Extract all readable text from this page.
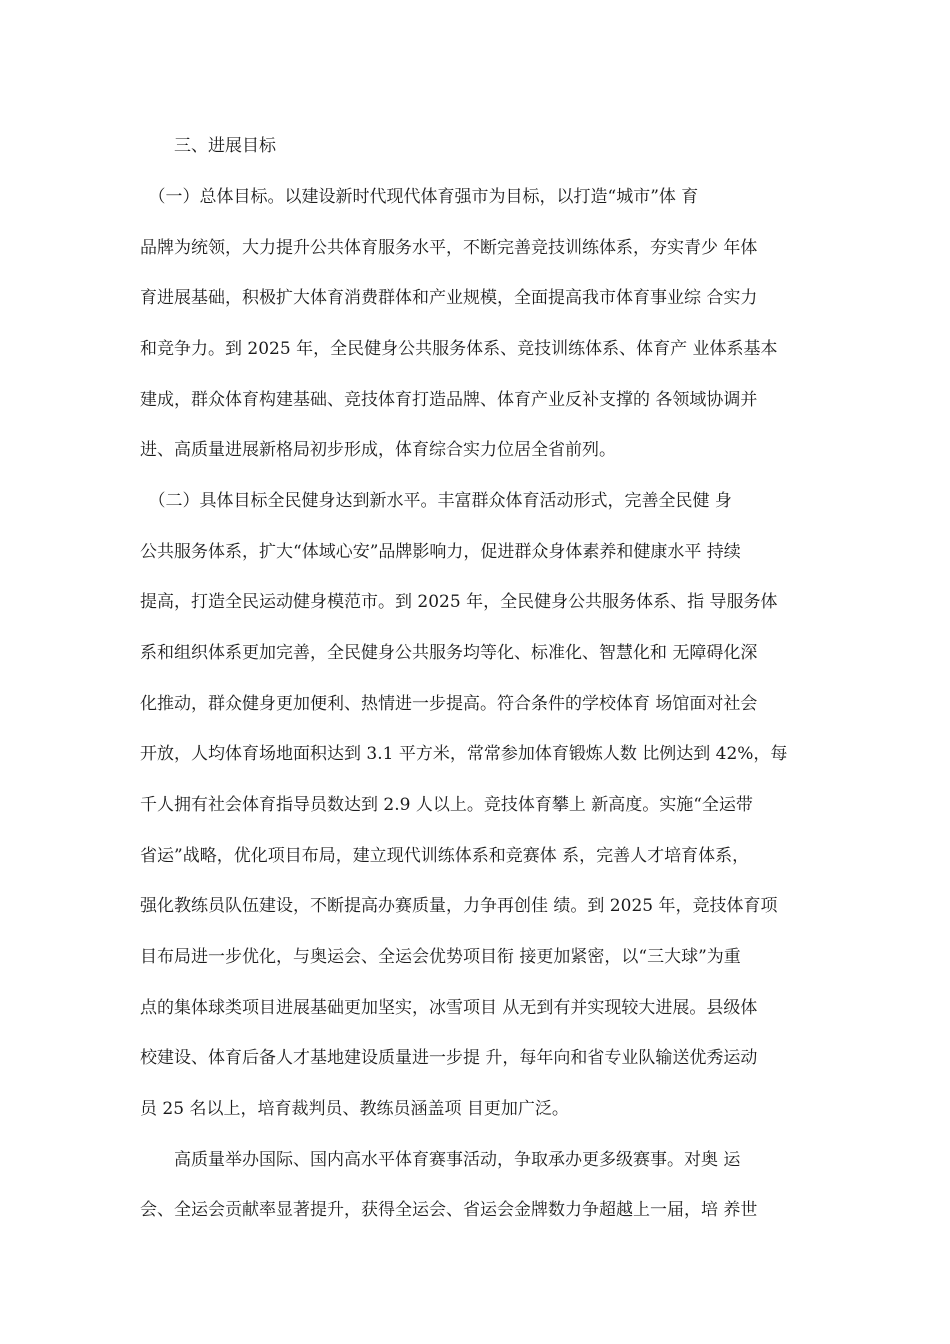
　　三、进展目标
　（一）总体目标。以建设新时代现代体育强市为目标，以打造“城市”体 育
品牌为统领，大力提升公共体育服务水平，不断完善竞技训练体系，夯实青少 年体
育进展基础，积极扩大体育消费群体和产业规模，全面提高我市体育事业综 合实力
和竞争力。到 2025 年，全民健身公共服务体系、竞技训练体系、体育产 业体系基本
建成，群众体育构建基础、竞技体育打造品牌、体育产业反补支撑的 各领域协调并
进、高质量进展新格局初步形成，体育综合实力位居全省前列。
　（二）具体目标全民健身达到新水平。丰富群众体育活动形式，完善全民健 身
公共服务体系，扩大“体域心安”品牌影响力，促进群众身体素养和健康水平 持续
提高，打造全民运动健身模范市。到 2025 年，全民健身公共服务体系、指 导服务体
系和组织体系更加完善，全民健身公共服务均等化、标准化、智慧化和 无障碍化深
化推动，群众健身更加便利、热情进一步提高。符合条件的学校体育 场馆面对社会
开放，人均体育场地面积达到 3.1 平方米，常常参加体育锻炼人数 比例达到 42%，每
千人拥有社会体育指导员数达到 2.9 人以上。竞技体育攀上 新高度。实施“全运带
省运”战略，优化项目布局，建立现代训练体系和竞赛体 系，完善人才培育体系，
强化教练员队伍建设，不断提高办赛质量，力争再创佳 绩。到 2025 年，竞技体育项
目布局进一步优化，与奥运会、全运会优势项目衔 接更加紧密，以“三大球”为重
点的集体球类项目进展基础更加坚实，冰雪项目 从无到有并实现较大进展。县级体
校建设、体育后备人才基地建设质量进一步提 升，每年向和省专业队输送优秀运动
员 25 名以上，培育裁判员、教练员涵盖项 目更加广泛。
　　高质量举办国际、国内高水平体育赛事活动，争取承办更多级赛事。对奥 运
会、全运会贡献率显著提升，获得全运会、省运会金牌数力争超越上一届，培 养世
